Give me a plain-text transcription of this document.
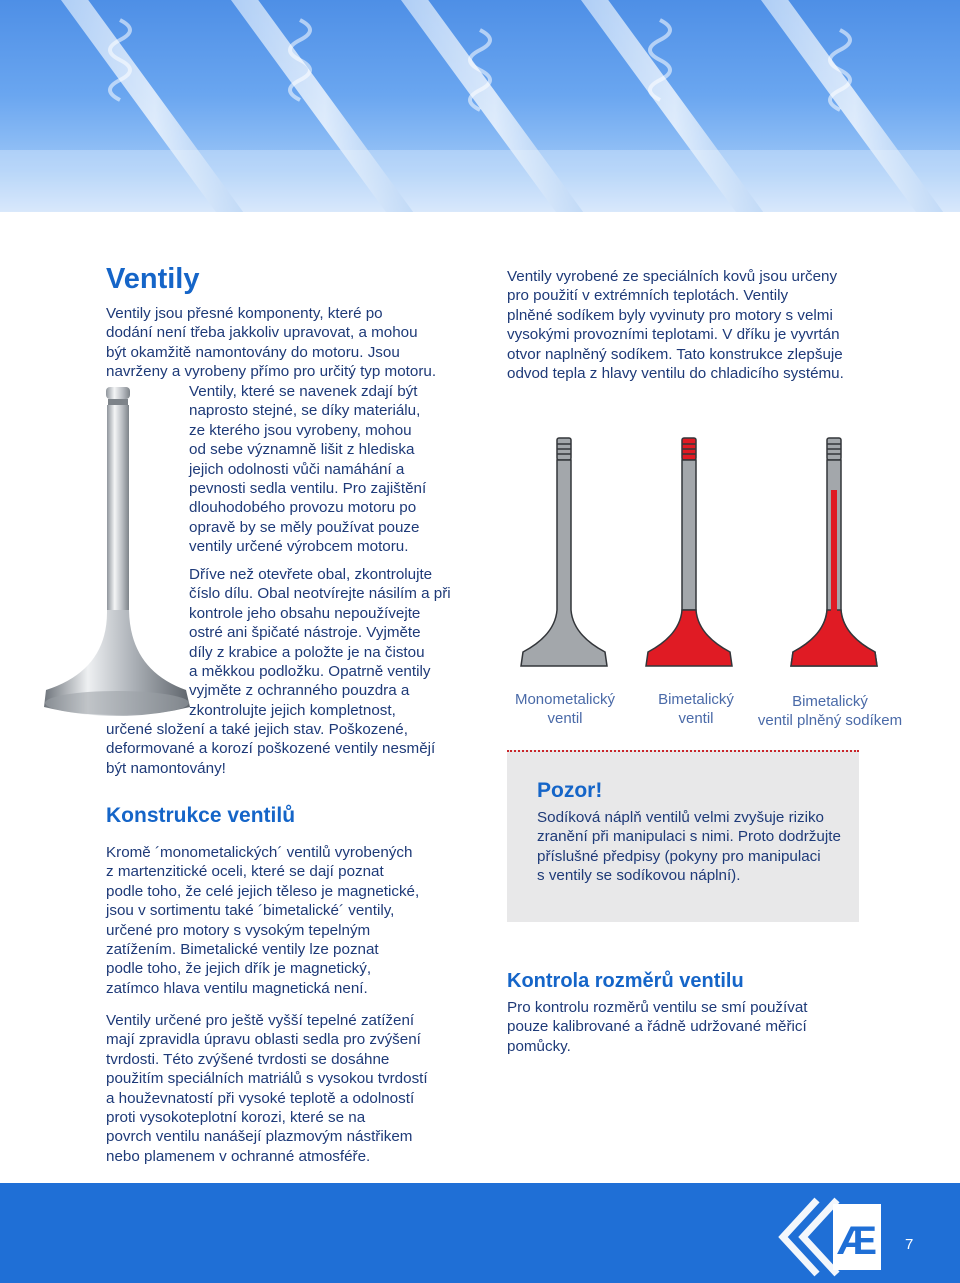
Ventily
Ventily jsou přesné komponenty, které po
dodání není třeba jakkoliv upravovat, a mohou
být okamžitě namontovány do motoru. Jsou
navrženy a vyrobeny přímo pro určitý typ motoru.
Ventily, které se navenek zdají být
naprosto stejné, se díky materiálu,
ze kterého jsou vyrobeny, mohou
od sebe významně lišit z hlediska
jejich odolnosti vůči namáhání a
pevnosti sedla ventilu. Pro zajištění
dlouhodobého provozu motoru po
opravě by se měly používat pouze
ventily určené výrobcem motoru.
Dříve než otevřete obal, zkontrolujte
číslo dílu. Obal neotvírejte násilím a při
kontrole jeho obsahu nepoužívejte
ostré ani špičaté nástroje. Vyjměte
díly z krabice a položte je na čistou
a měkkou podložku. Opatrně ventily
vyjměte z ochranného pouzdra a
zkontrolujte jejich kompletnost,
určené složení a také jejich stav. Poškozené,
deformované a korozí poškozené ventily nesmějí
být namontovány!
Konstrukce ventilů
Kromě ´monometalických´ ventilů vyrobených
z martenzitické oceli, které se dají poznat
podle toho, že celé jejich těleso je magnetické,
jsou v sortimentu také ´bimetalické´ ventily,
určené pro motory s vysokým tepelným
zatížením. Bimetalické ventily lze poznat
podle toho, že jejich dřík je magnetický,
zatímco hlava ventilu magnetická není.
Ventily určené pro ještě vyšší tepelné zatížení
mají zpravidla úpravu oblasti sedla pro zvýšení
tvrdosti. Této zvýšené tvrdosti se dosáhne
použitím speciálních matriálů s vysokou tvrdostí
a houževnatostí při vysoké teplotě a odolností
proti vysokoteplotní korozi, které se na
povrch ventilu nanášejí plazmovým nástřikem
nebo plamenem v ochranné atmosféře.
Ventily vyrobené ze speciálních kovů jsou určeny
pro použití v extrémních teplotách. Ventily
plněné sodíkem byly vyvinuty pro motory s velmi
vysokými provozními teplotami. V dříku je vyvrtán
otvor naplněný sodíkem. Tato konstrukce zlepšuje
odvod tepla z hlavy ventilu do chladicího systému.
Monometalický
ventil
Bimetalický
ventil
Bimetalický
ventil plněný sodíkem
Pozor!
Sodíková náplň ventilů velmi zvyšuje riziko
zranění při manipulaci s nimi. Proto dodržujte
příslušné předpisy (pokyny pro manipulaci
s ventily se sodíkovou náplní).
Kontrola rozměrů ventilu
Pro kontrolu rozměrů ventilu se smí používat
pouze kalibrované a řádně udržované měřicí
pomůcky.
Æ 7
